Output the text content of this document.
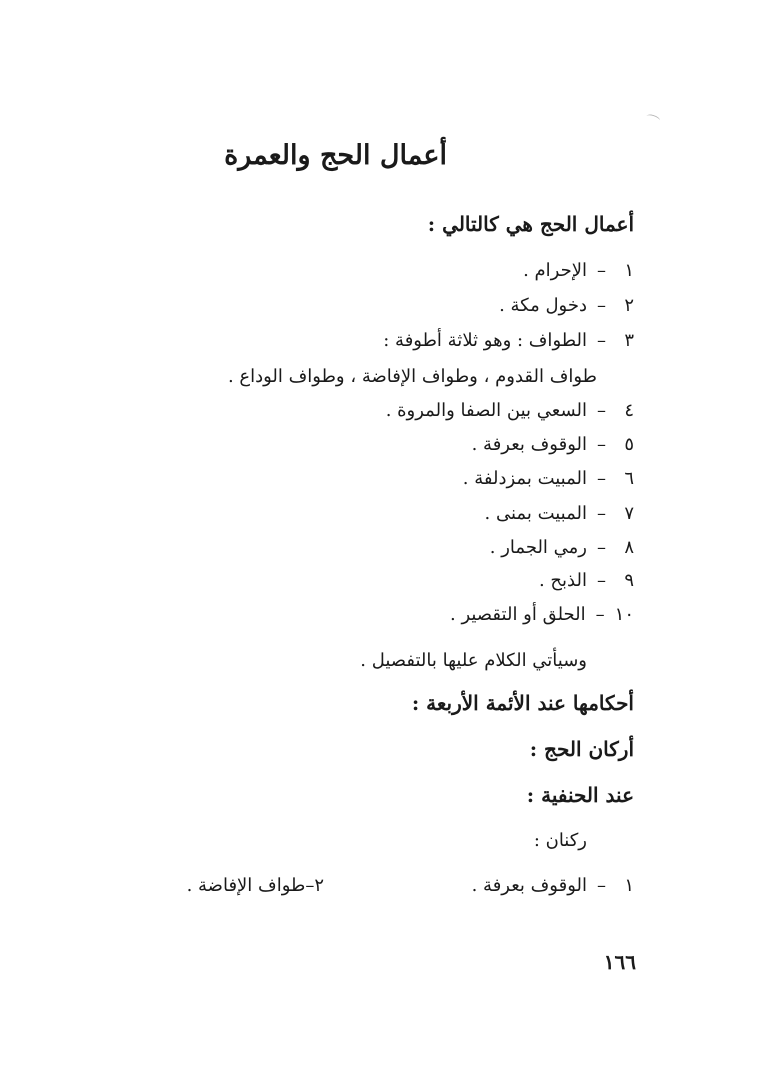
أعمال الحج والعمرة
أعمال الحج هي كالتالي :
١–الإحرام .
٢–دخول مكة .
٣–الطواف : وهو ثلاثة أطوفة :
طواف القدوم ، وطواف الإفاضة ، وطواف الوداع .
٤–السعي بين الصفا والمروة .
٥–الوقوف بعرفة .
٦–المبيت بمزدلفة .
٧–المبيت بمنى .
٨–رمي الجمار .
٩–الذبح .
١٠–الحلق أو التقصير .
وسيأتي الكلام عليها بالتفصيل .
أحكامها عند الأئمة الأربعة :
أركان الحج :
عند الحنفية :
ركنان :
١–الوقوف بعرفة .
٢–طواف الإفاضة .
١٦٦
